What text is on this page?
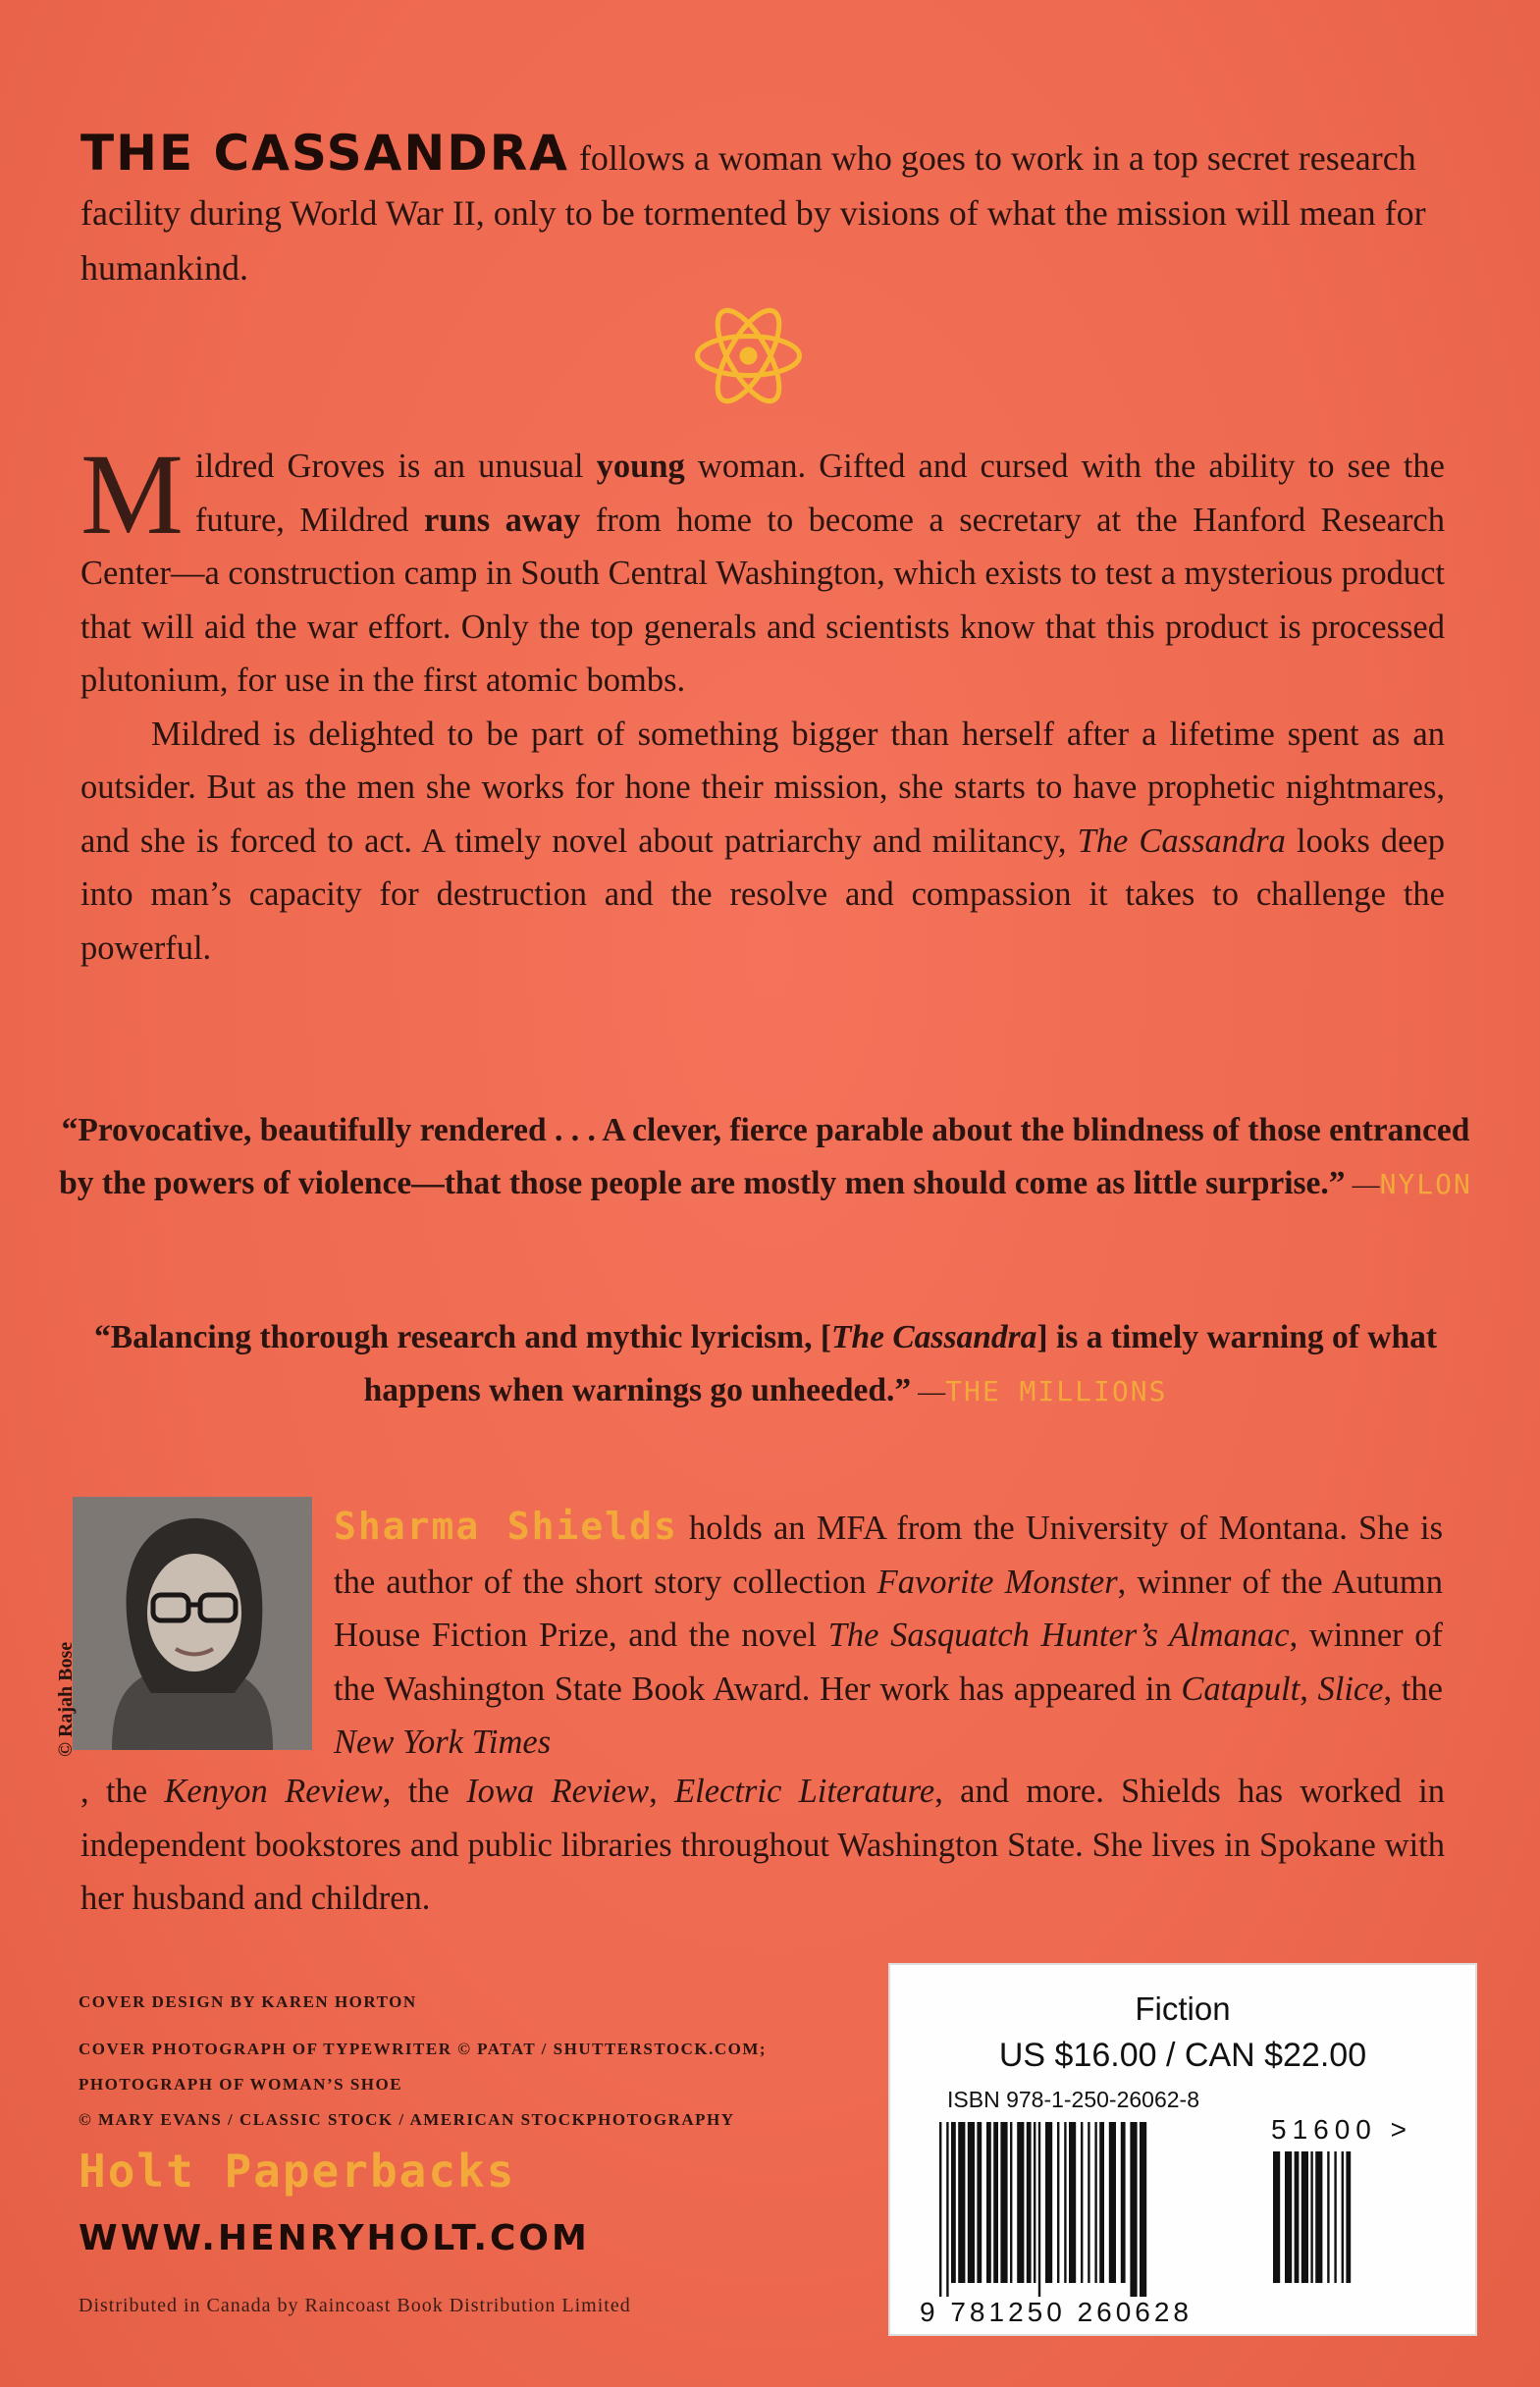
THE CASSANDRA follows a woman who goes to work in a top secret research facility during World War II, only to be tormented by visions of what the mission will mean for humankind.

Mildred Groves is an unusual young woman. Gifted and cursed with the ability to see the future, Mildred runs away from home to become a secretary at the Hanford Research Center—a construction camp in South Central Washington, which exists to test a mysterious product that will aid the war effort. Only the top generals and scientists know that this product is processed plutonium, for use in the first atomic bombs.

Mildred is delighted to be part of something bigger than herself after a lifetime spent as an outsider. But as the men she works for hone their mission, she starts to have prophetic nightmares, and she is forced to act. A timely novel about patriarchy and militancy, The Cassandra looks deep into man’s capacity for destruction and the resolve and compassion it takes to challenge the powerful.

“Provocative, beautifully rendered . . . A clever, fierce parable about the blindness of those entranced by the powers of violence—that those people are mostly men should come as little surprise.” —NYLON
“Balancing thorough research and mythic lyricism, [The Cassandra] is a timely warning of what happens when warnings go unheeded.” —THE MILLIONS
© Rajah Bose
Sharma Shields holds an MFA from the University of Montana. She is the author of the short story collection Favorite Monster, winner of the Autumn House Fiction Prize, and the novel The Sasquatch Hunter’s Almanac, winner of the Washington State Book Award. Her work has appeared in Catapult, Slice, the New York Times
, the Kenyon Review, the Iowa Review, Electric Literature, and more. Shields has worked in independent bookstores and public libraries throughout Washington State. She lives in Spokane with her husband and children.
COVER DESIGN BY KAREN HORTON
COVER PHOTOGRAPH OF TYPEWRITER © PATAT / SHUTTERSTOCK.COM;
PHOTOGRAPH OF WOMAN’S SHOE
© MARY EVANS / CLASSIC STOCK / AMERICAN STOCKPHOTOGRAPHY
Holt Paperbacks
WWW.HENRYHOLT.COM
Distributed in Canada by Raincoast Book Distribution Limited
Fiction
US $16.00 / CAN $22.00
ISBN 978-1-250-26062-8
51600 >
9 781250 260628
